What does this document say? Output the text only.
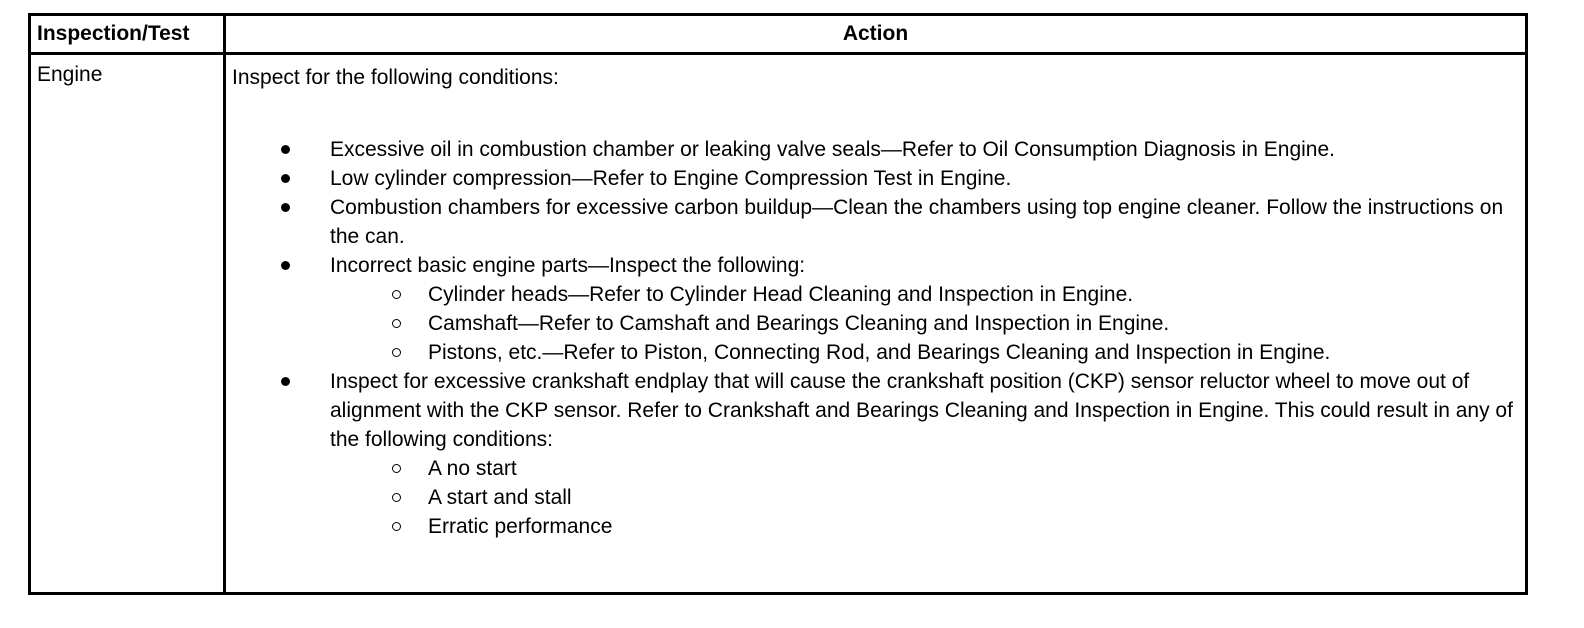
Inspection/Test	Action
Engine	Inspect for the following conditions:
Excessive oil in combustion chamber or leaking valve seals—Refer to Oil Consumption Diagnosis in Engine.
Low cylinder compression—Refer to Engine Compression Test in Engine.
Combustion chambers for excessive carbon buildup—Clean the chambers using top engine cleaner. Follow the instructions on the can.
Incorrect basic engine parts—Inspect the following:
Cylinder heads—Refer to Cylinder Head Cleaning and Inspection in Engine.
Camshaft—Refer to Camshaft and Bearings Cleaning and Inspection in Engine.
Pistons, etc.—Refer to Piston, Connecting Rod, and Bearings Cleaning and Inspection in Engine.
Inspect for excessive crankshaft endplay that will cause the crankshaft position (CKP) sensor reluctor wheel to move out of alignment with the CKP sensor. Refer to Crankshaft and Bearings Cleaning and Inspection in Engine. This could result in any of the following conditions:
A no start
A start and stall
Erratic performance
